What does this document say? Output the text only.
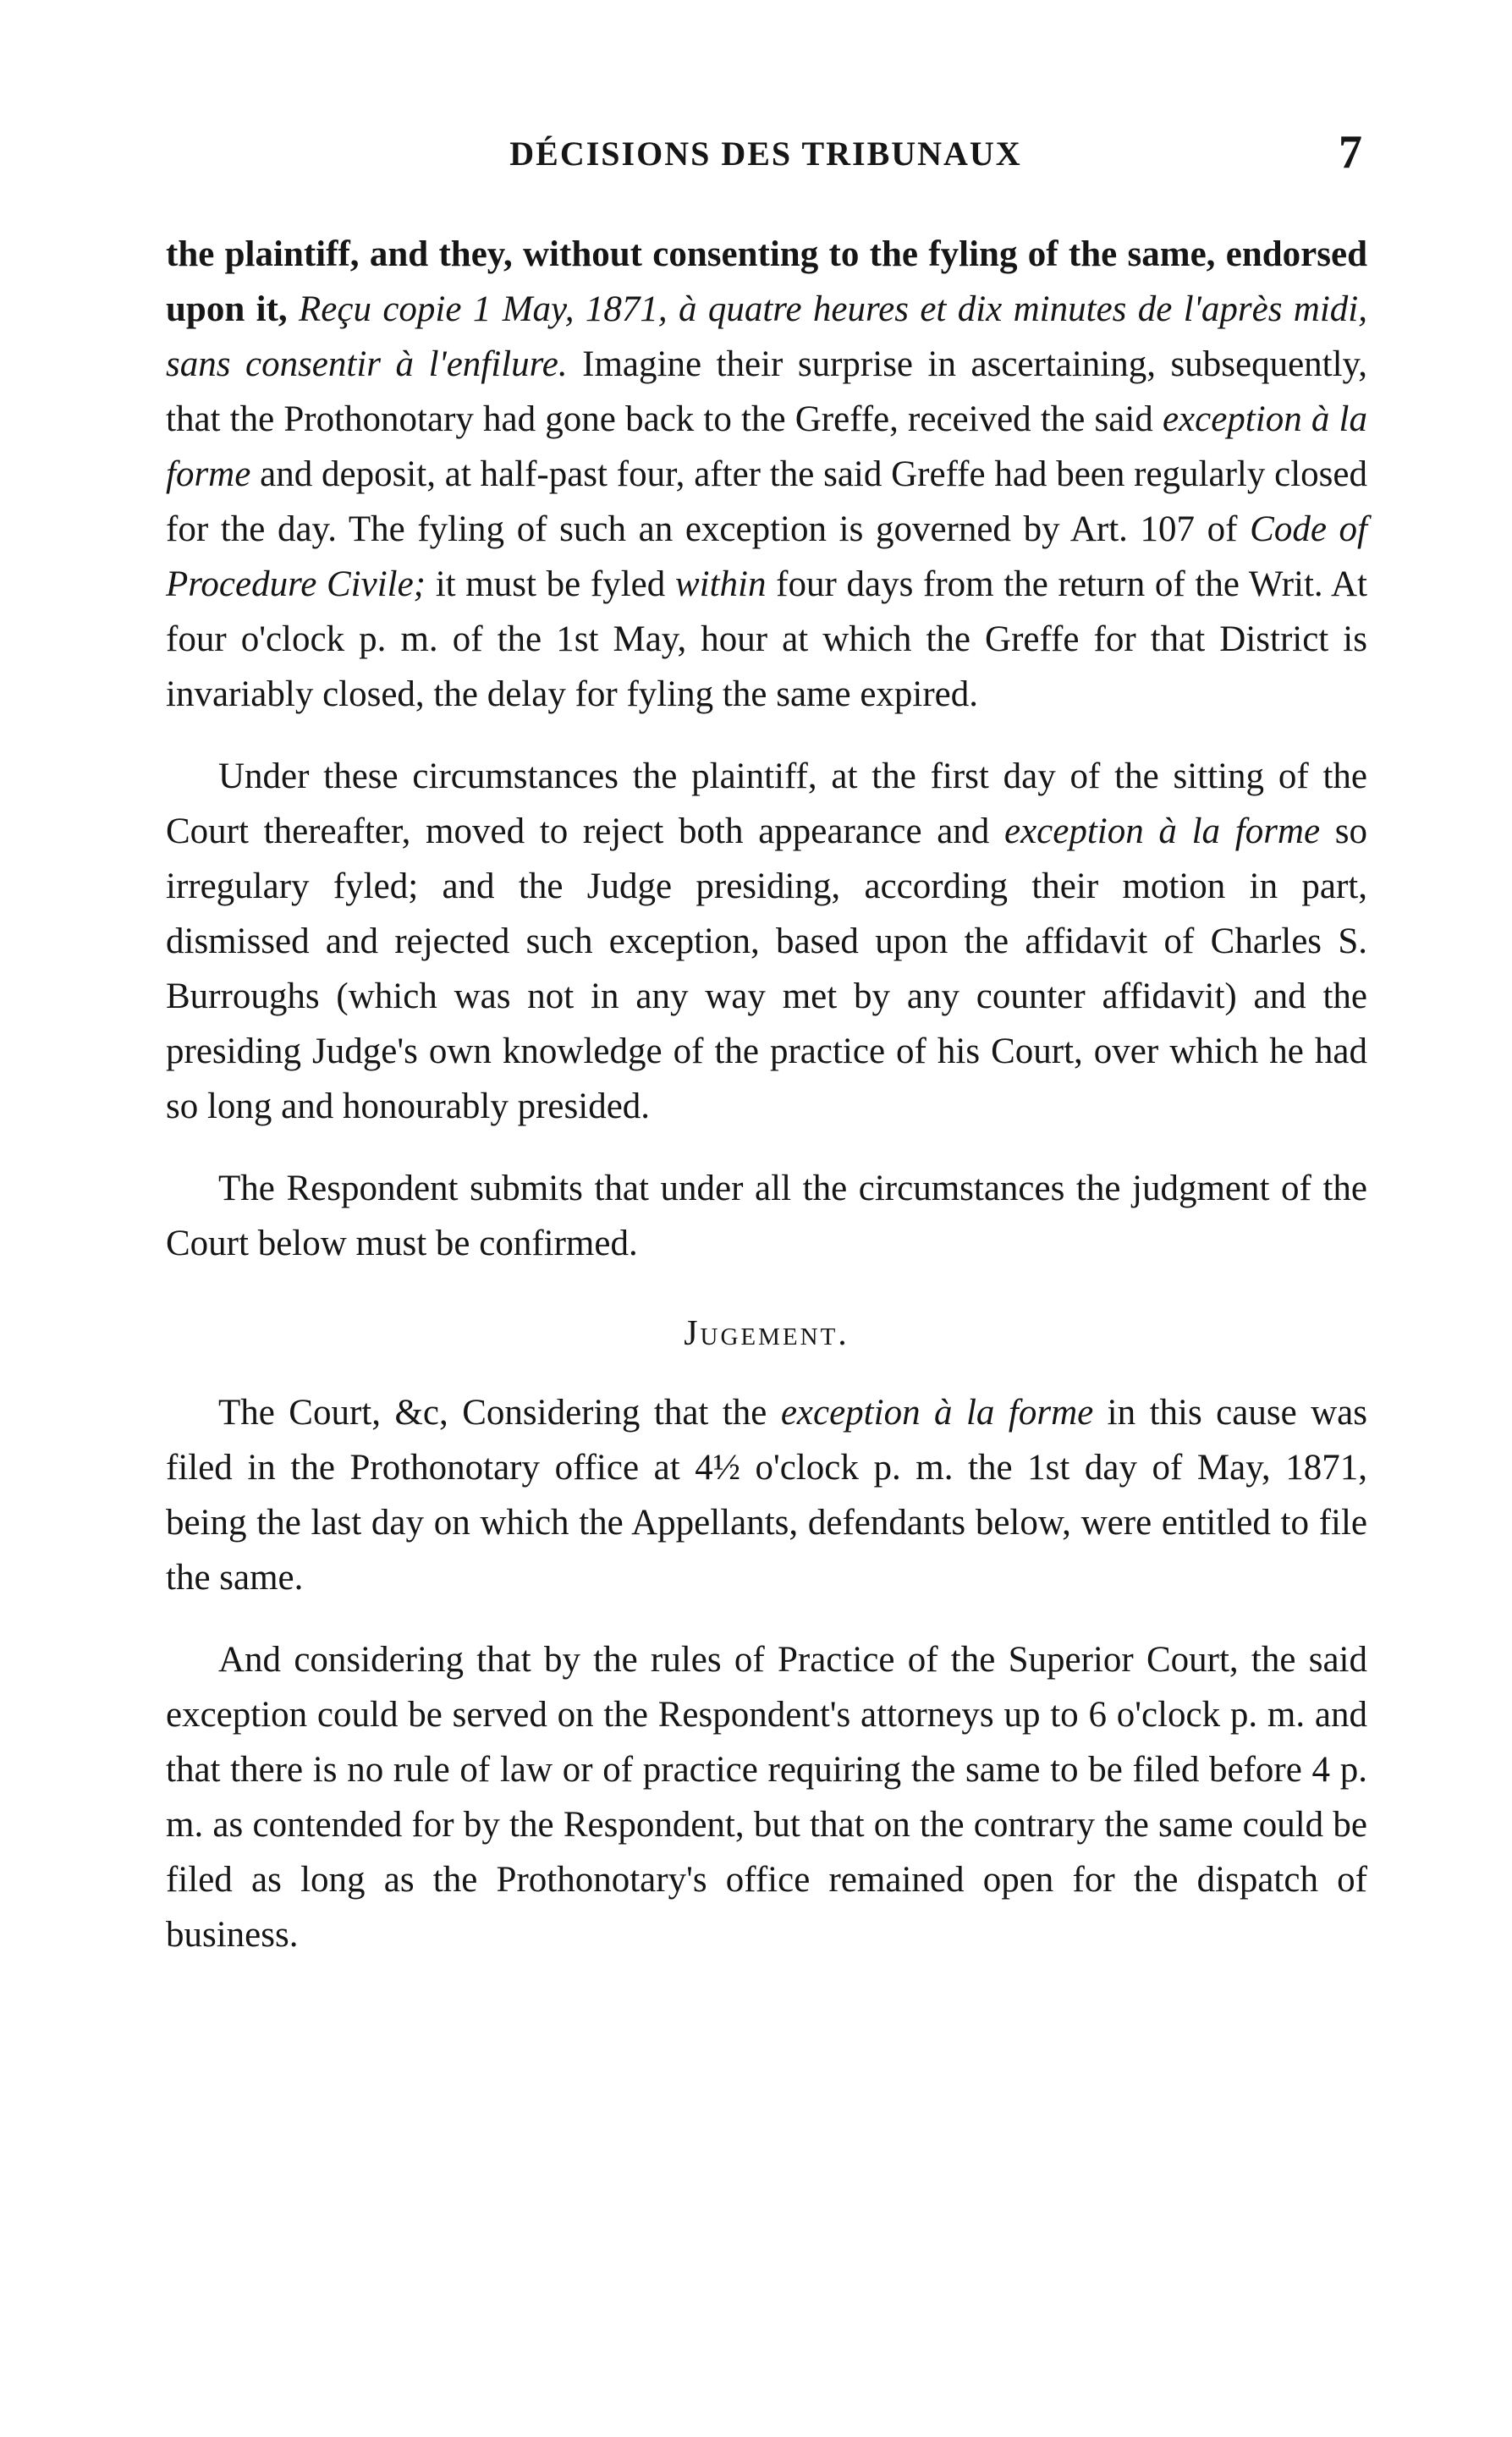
DÉCISIONS DES TRIBUNAUX	7

the plaintiff, and they, without consenting to the fyling of the same, endorsed upon it, Reçu copie 1 May, 1871, à quatre heures et dix minutes de l'après midi, sans consentir à l'enfilure. Imagine their surprise in ascertaining, subsequently, that the Prothonotary had gone back to the Greffe, received the said exception à la forme and deposit, at half-past four, after the said Greffe had been regularly closed for the day. The fyling of such an exception is governed by Art. 107 of Code of Procedure Civile; it must be fyled within four days from the return of the Writ. At four o'clock p. m. of the 1st May, hour at which the Greffe for that District is invariably closed, the delay for fyling the same expired.

Under these circumstances the plaintiff, at the first day of the sitting of the Court thereafter, moved to reject both appearance and exception à la forme so irregulary fyled; and the Judge presiding, according their motion in part, dismissed and rejected such exception, based upon the affidavit of Charles S. Burroughs (which was not in any way met by any counter affidavit) and the presiding Judge's own knowledge of the practice of his Court, over which he had so long and honourably presided.

The Respondent submits that under all the circumstances the judgment of the Court below must be confirmed.

Jugement.

The Court, &c, Considering that the exception à la forme in this cause was filed in the Prothonotary office at 4½ o'clock p. m. the 1st day of May, 1871, being the last day on which the Appellants, defendants below, were entitled to file the same.

And considering that by the rules of Practice of the Superior Court, the said exception could be served on the Respondent's attorneys up to 6 o'clock p. m. and that there is no rule of law or of practice requiring the same to be filed before 4 p. m. as contended for by the Respondent, but that on the contrary the same could be filed as long as the Prothonotary's office remained open for the dispatch of business.
